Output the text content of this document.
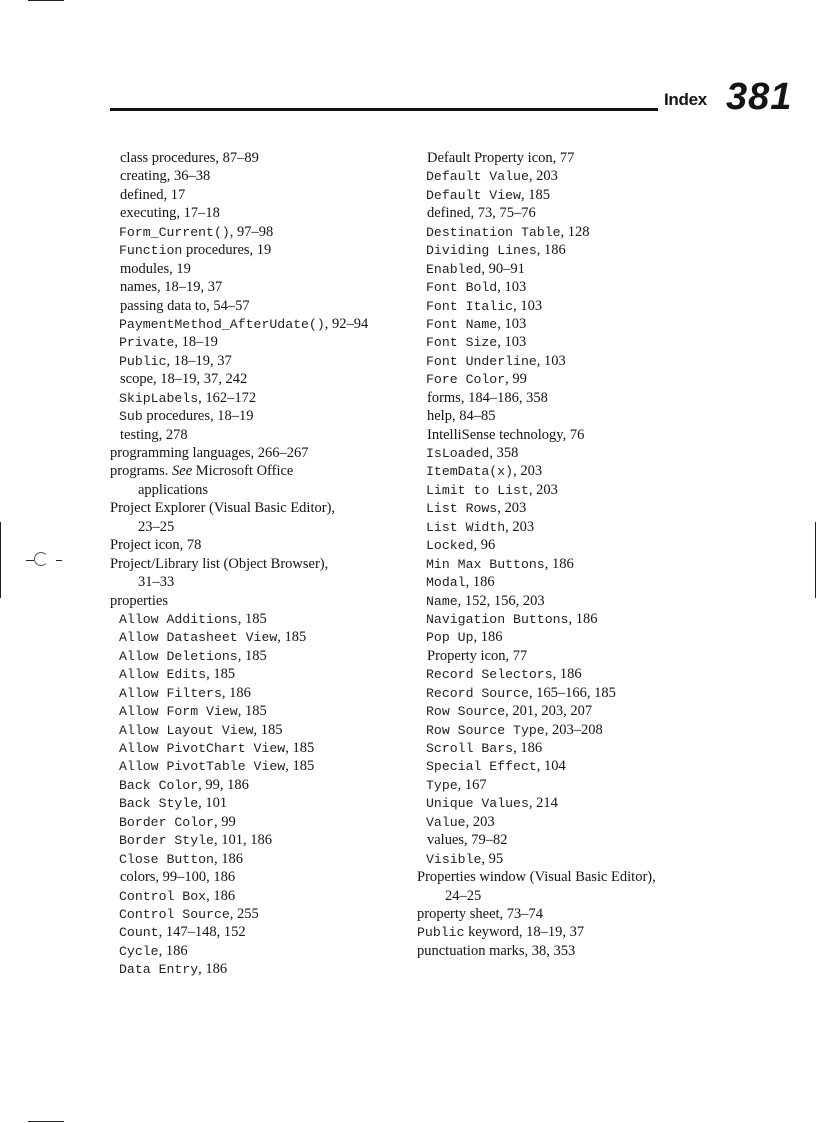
Index 381
class procedures, 87–89
creating, 36–38
defined, 17
executing, 17–18
Form_Current(), 97–98
Function procedures, 19
modules, 19
names, 18–19, 37
passing data to, 54–57
PaymentMethod_AfterUdate(), 92–94
Private, 18–19
Public, 18–19, 37
scope, 18–19, 37, 242
SkipLabels, 162–172
Sub procedures, 18–19
testing, 278
programming languages, 266–267
programs. See Microsoft Office
applications
Project Explorer (Visual Basic Editor),
23–25
Project icon, 78
Project/Library list (Object Browser),
31–33
properties
Allow Additions, 185
Allow Datasheet View, 185
Allow Deletions, 185
Allow Edits, 185
Allow Filters, 186
Allow Form View, 185
Allow Layout View, 185
Allow PivotChart View, 185
Allow PivotTable View, 185
Back Color, 99, 186
Back Style, 101
Border Color, 99
Border Style, 101, 186
Close Button, 186
colors, 99–100, 186
Control Box, 186
Control Source, 255
Count, 147–148, 152
Cycle, 186
Data Entry, 186
Default Property icon, 77
Default Value, 203
Default View, 185
defined, 73, 75–76
Destination Table, 128
Dividing Lines, 186
Enabled, 90–91
Font Bold, 103
Font Italic, 103
Font Name, 103
Font Size, 103
Font Underline, 103
Fore Color, 99
forms, 184–186, 358
help, 84–85
IntelliSense technology, 76
IsLoaded, 358
ItemData(x), 203
Limit to List, 203
List Rows, 203
List Width, 203
Locked, 96
Min Max Buttons, 186
Modal, 186
Name, 152, 156, 203
Navigation Buttons, 186
Pop Up, 186
Property icon, 77
Record Selectors, 186
Record Source, 165–166, 185
Row Source, 201, 203, 207
Row Source Type, 203–208
Scroll Bars, 186
Special Effect, 104
Type, 167
Unique Values, 214
Value, 203
values, 79–82
Visible, 95
Properties window (Visual Basic Editor),
24–25
property sheet, 73–74
Public keyword, 18–19, 37
punctuation marks, 38, 353
